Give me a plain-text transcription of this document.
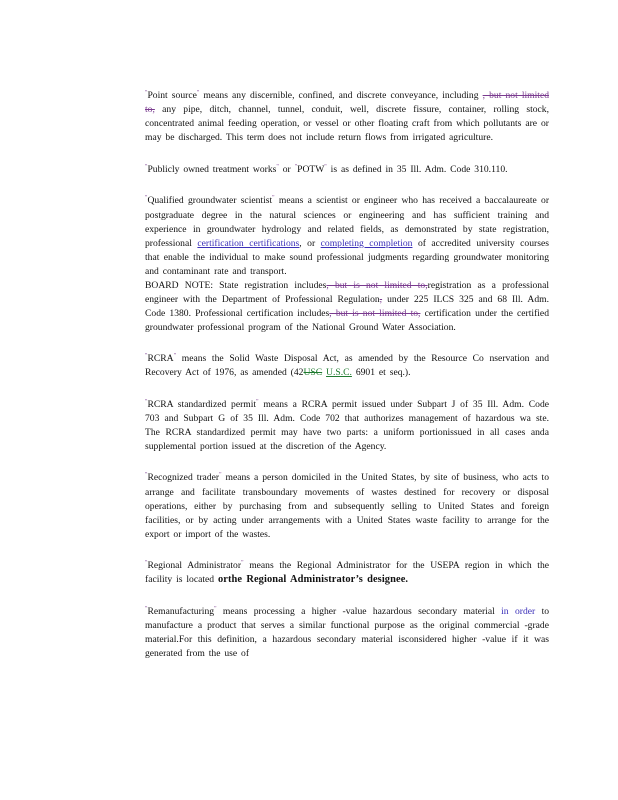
"Point source" means any discernible, confined, and discrete conveyance, including , but not limited to, any pipe, ditch, channel, tunnel, conduit, well, discrete fissure, container, rolling stock, concentrated animal feeding operation, or vessel or other floating craft from which pollutants are or may be discharged. This term does not include return flows from irrigated agriculture.

"Publicly owned treatment works" or "POTW" is as defined in 35 Ill. Adm. Code 310.110.

"Qualified groundwater scientist" means a scientist or engineer who has received a baccalaureate or postgraduate degree in the natural sciences or engineering and has sufficient training and experience in groundwater hydrology and related fields, as demonstrated by state registration, professional certification certifications, or completing completion of accredited university courses that enable the individual to make sound professional judgments regarding groundwater monitoring and contaminant rate and transport.

BOARD NOTE: State registration includes, but is not limited to,registration as a professional engineer with the Department of Professional Regulation, under 225 ILCS 325 and 68 Ill. Adm. Code 1380. Professional certification includes, but is not limited to, certification under the certified groundwater professional program of the National Ground Water Association.

"RCRA" means the Solid Waste Disposal Act, as amended by the Resource Co nservation and Recovery Act of 1976, as amended (42USC U.S.C. 6901 et seq.).

"RCRA standardized permit" means a RCRA permit issued under Subpart J of 35 Ill. Adm. Code 703 and Subpart G of 35 Ill. Adm. Code 702 that authorizes management of hazardous wa ste. The RCRA standardized permit may have two parts: a uniform portionissued in all cases anda supplemental portion issued at the discretion of the Agency.

"Recognized trader" means a person domiciled in the United States, by site of business, who acts to arrange and facilitate transboundary movements of wastes destined for recovery or disposal operations, either by purchasing from and subsequently selling to United States and foreign facilities, or by acting under arrangements with a United States waste facility to arrange for the export or import of the wastes.

"Regional Administrator" means the Regional Administrator for the USEPA region in which the facility is located orthe Regional Administrator’s designee.

"Remanufacturing" means processing a higher -value hazardous secondary material in order to manufacture a product that serves a similar functional purpose as the original commercial -grade material.For this definition, a hazardous secondary material isconsidered higher -value if it was generated from the use of
